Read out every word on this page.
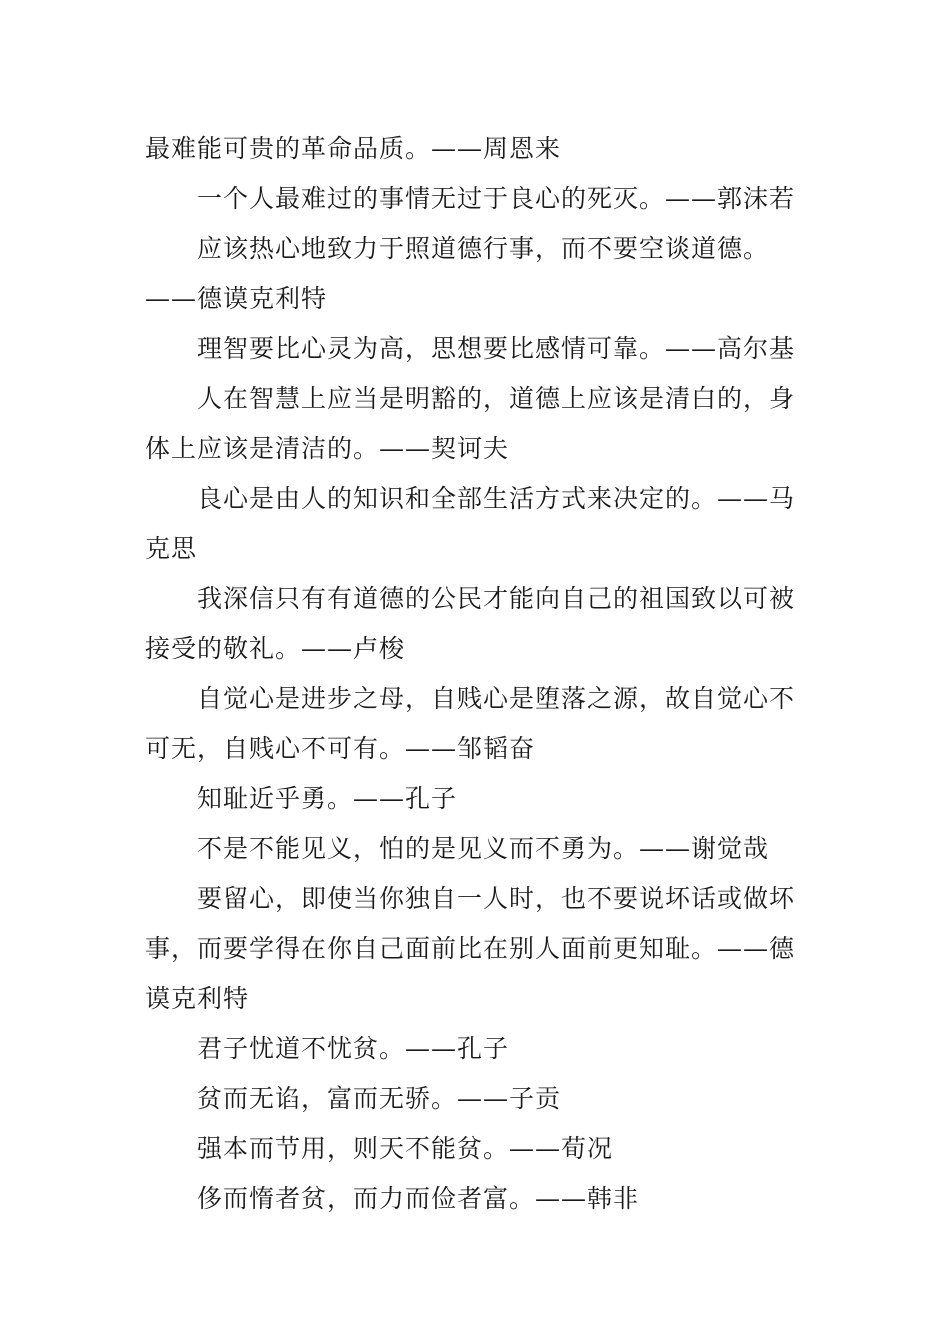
最难能可贵的革命品质。——周恩来

一个人最难过的事情无过于良心的死灭。——郭沫若

应该热心地致力于照道德行事，而不要空谈道德。——德谟克利特

理智要比心灵为高，思想要比感情可靠。——高尔基

人在智慧上应当是明豁的，道德上应该是清白的，身体上应该是清洁的。——契诃夫

良心是由人的知识和全部生活方式来决定的。——马克思

我深信只有有道德的公民才能向自己的祖国致以可被接受的敬礼。——卢梭

自觉心是进步之母，自贱心是堕落之源，故自觉心不可无，自贱心不可有。——邹韬奋

知耻近乎勇。——孔子

不是不能见义，怕的是见义而不勇为。——谢觉哉

要留心，即使当你独自一人时，也不要说坏话或做坏事，而要学得在你自己面前比在别人面前更知耻。——德谟克利特

君子忧道不忧贫。——孔子

贫而无谄，富而无骄。——子贡

强本而节用，则天不能贫。——荀况

侈而惰者贫，而力而俭者富。——韩非
